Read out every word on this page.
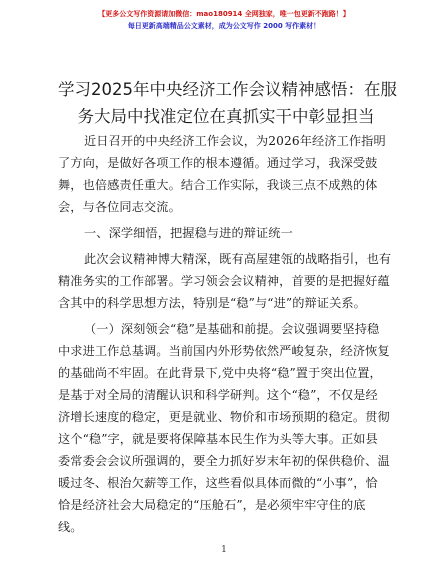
【更多公文写作资源请加微信：mao180914 全网独家，唯一包更新不跑路！】
每日更新高端精品公文素材，成为公文写作 2000 写作素材！
学习2025年中央经济工作会议精神感悟：在服
务大局中找准定位在真抓实干中彰显担当
近日召开的中央经济工作会议，为2026年经济工作指明
了方向，是做好各项工作的根本遵循。通过学习，我深受鼓
舞，也倍感责任重大。结合工作实际，我谈三点不成熟的体
会，与各位同志交流。
一、深学细悟，把握稳与进的辩证统一
此次会议精神博大精深，既有高屋建瓴的战略指引，也有
精准务实的工作部署。学习领会会议精神，首要的是把握好蕴
含其中的科学思想方法，特别是“稳”与“进”的辩证关系。
（一）深刻领会“稳”是基础和前提。会议强调要坚持稳
中求进工作总基调。当前国内外形势依然严峻复杂，经济恢复
的基础尚不牢固。在此背景下,党中央将“稳”置于突出位置，
是基于对全局的清醒认识和科学研判。这个“稳”，不仅是经
济增长速度的稳定，更是就业、物价和市场预期的稳定。贯彻
这个“稳”字，就是要将保障基本民生作为头等大事。正如县
委常委会会议所强调的，要全力抓好岁末年初的保供稳价、温
暖过冬、根治欠薪等工作，这些看似具体而微的“小事”，恰
恰是经济社会大局稳定的“压舱石”，是必须牢牢守住的底
线。
1
